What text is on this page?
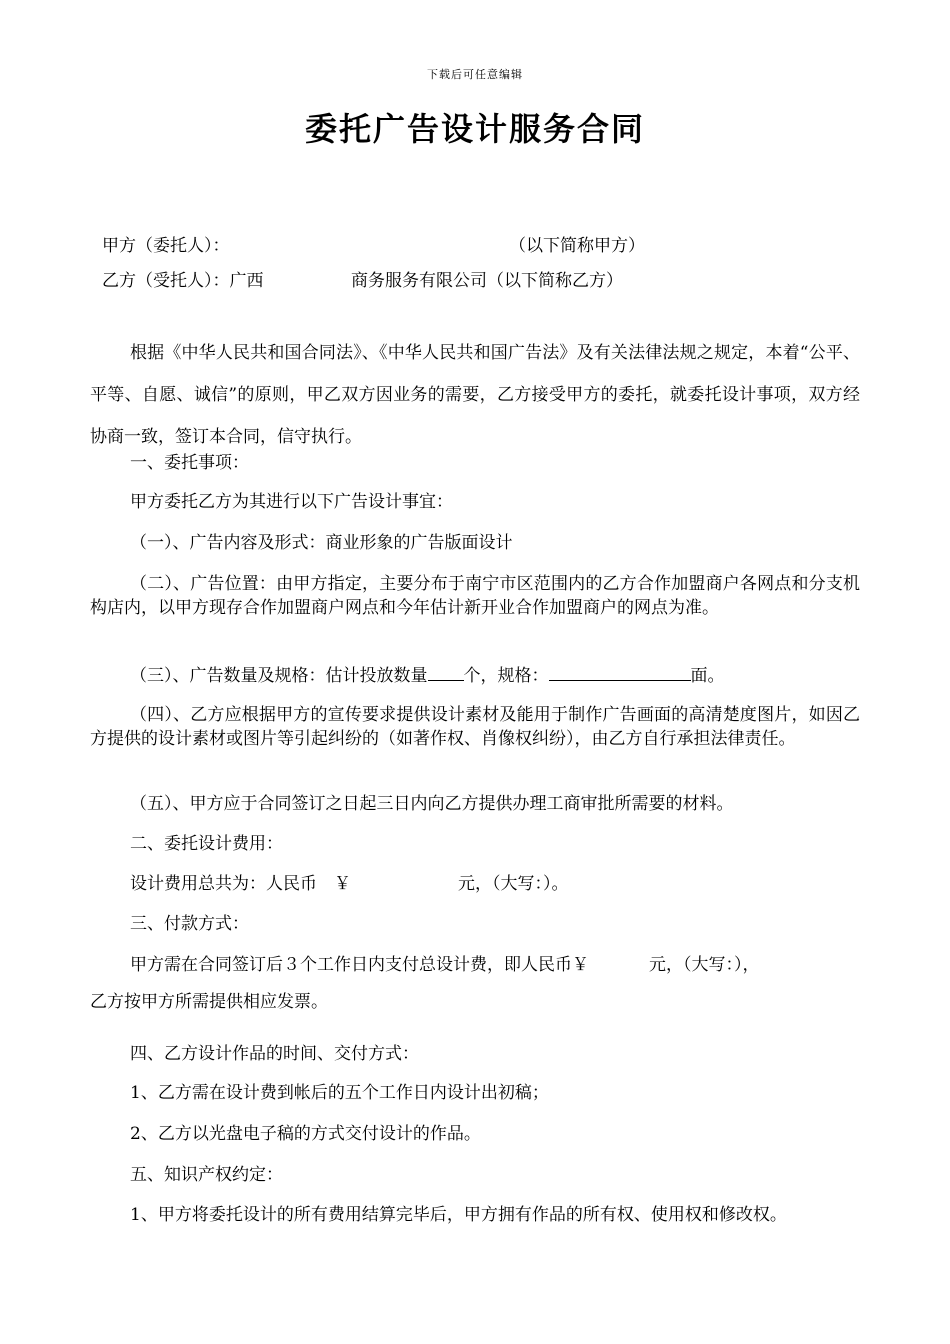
下载后可任意编辑
委托广告设计服务合同
甲方（委托人）：	（以下简称甲方）
乙方（受托人）：广西	商务服务有限公司（以下简称乙方）
根据《中华人民共和国合同法》、《中华人民共和国广告法》及有关法律法规之规定，本着“公平、平等、自愿、诚信”的原则，甲乙双方因业务的需要，乙方接受甲方的委托，就委托设计事项，双方经协商一致，签订本合同，信守执行。
一、委托事项：
甲方委托乙方为其进行以下广告设计事宜：
（一）、广告内容及形式：商业形象的广告版面设计
（二）、广告位置：由甲方指定，主要分布于南宁市区范围内的乙方合作加盟商户各网点和分支机构店内，以甲方现存合作加盟商户网点和今年估计新开业合作加盟商户的网点为准。
（三）、广告数量及规格：估计投放数量 个，规格：	面。
（四）、乙方应根据甲方的宣传要求提供设计素材及能用于制作广告画面的高清楚度图片，如因乙方提供的设计素材或图片等引起纠纷的（如著作权、肖像权纠纷），由乙方自行承担法律责任。
（五）、甲方应于合同签订之日起三日内向乙方提供办理工商审批所需要的材料。
二、委托设计费用：
设计费用总共为：人民币　￥	元，（大写：）。
三、付款方式：
甲方需在合同签订后３个工作日内支付总设计费，即人民币￥	元，（大写：），
乙方按甲方所需提供相应发票。
四、乙方设计作品的时间、交付方式：
1、乙方需在设计费到帐后的五个工作日内设计出初稿；
2、乙方以光盘电子稿的方式交付设计的作品。
五、知识产权约定：
1、甲方将委托设计的所有费用结算完毕后，甲方拥有作品的所有权、使用权和修改权。
